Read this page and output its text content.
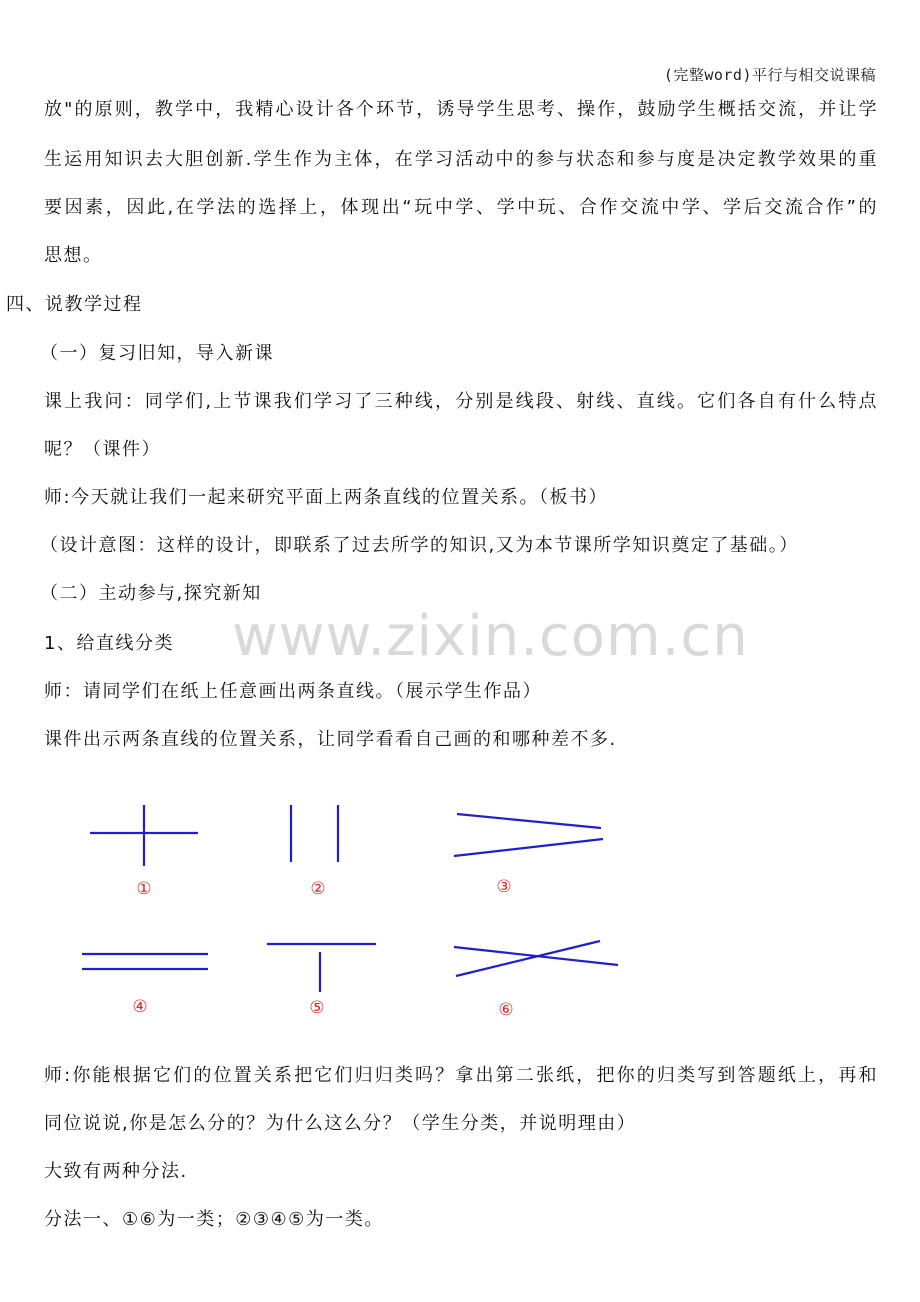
(完整word)平行与相交说课稿
放"的原则，教学中，我精心设计各个环节，诱导学生思考、操作，鼓励学生概括交流，并让学
生运用知识去大胆创新.学生作为主体，在学习活动中的参与状态和参与度是决定教学效果的重
要因素，因此,在学法的选择上，体现出“玩中学、学中玩、合作交流中学、学后交流合作”的
思想。
四、说教学过程
（一）复习旧知，导入新课
课上我问：同学们,上节课我们学习了三种线，分别是线段、射线、直线。它们各自有什么特点
呢？（课件）
师:今天就让我们一起来研究平面上两条直线的位置关系。（板书）
（设计意图：这样的设计，即联系了过去所学的知识,又为本节课所学知识奠定了基础。）
（二）主动参与,探究新知
1、给直线分类
师：请同学们在纸上任意画出两条直线。（展示学生作品）
课件出示两条直线的位置关系，让同学看看自己画的和哪种差不多.
www.zixin.com.cn
①	②	③
④	⑤	⑥
师:你能根据它们的位置关系把它们归归类吗？拿出第二张纸，把你的归类写到答题纸上，再和
同位说说,你是怎么分的？为什么这么分？（学生分类，并说明理由）
大致有两种分法.
分法一、①⑥为一类；②③④⑤为一类。
